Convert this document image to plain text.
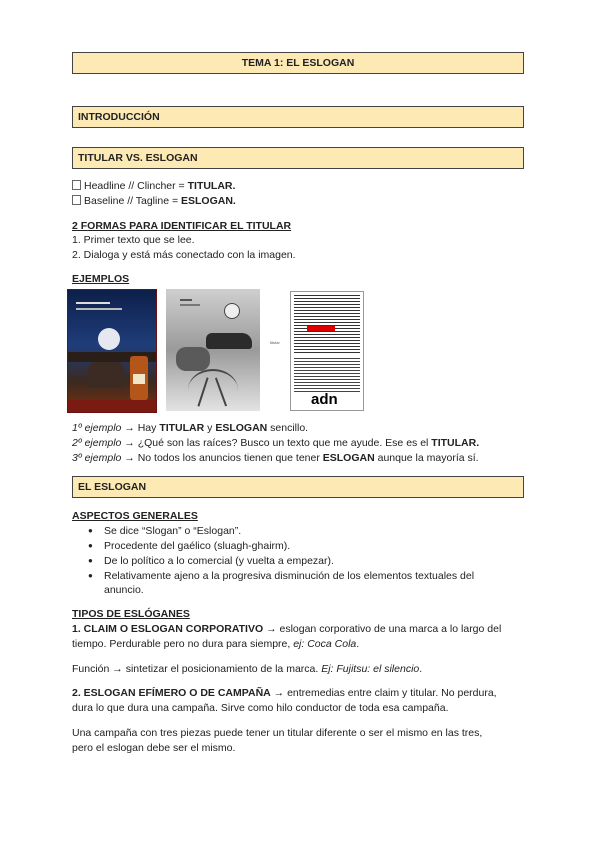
TEMA 1: EL ESLOGAN
INTRODUCCIÓN
TITULAR VS. ESLOGAN
Headline // Clincher = TITULAR.
Baseline // Tagline = ESLOGAN.
2 FORMAS PARA IDENTIFICAR EL TITULAR
1. Primer texto que se lee.
2. Dialoga y está más conectado con la imagen.
EJEMPLOS
titular
adn
1º ejemplo → Hay TITULAR y ESLOGAN sencillo.
2º ejemplo → ¿Qué son las raíces? Busco un texto que me ayude. Ese es el TITULAR.
3º ejemplo → No todos los anuncios tienen que tener ESLOGAN aunque la mayoría sí.
EL ESLOGAN
ASPECTOS GENERALES
● Se dice “Slogan” o “Eslogan”.
● Procedente del gaélico (sluagh-ghairm).
● De lo político a lo comercial (y vuelta a empezar).
● Relativamente ajeno a la progresiva disminución de los elementos textuales del
anuncio.
TIPOS DE ESLÓGANES
1. CLAIM O ESLOGAN CORPORATIVO → eslogan corporativo de una marca a lo largo del
tiempo. Perdurable pero no dura para siempre, ej: Coca Cola.
Función → sintetizar el posicionamiento de la marca. Ej: Fujitsu: el silencio.
2. ESLOGAN EFÍMERO O DE CAMPAÑA → entremedias entre claim y titular. No perdura,
dura lo que dura una campaña. Sirve como hilo conductor de toda esa campaña.
Una campaña con tres piezas puede tener un titular diferente o ser el mismo en las tres,
pero el eslogan debe ser el mismo.
